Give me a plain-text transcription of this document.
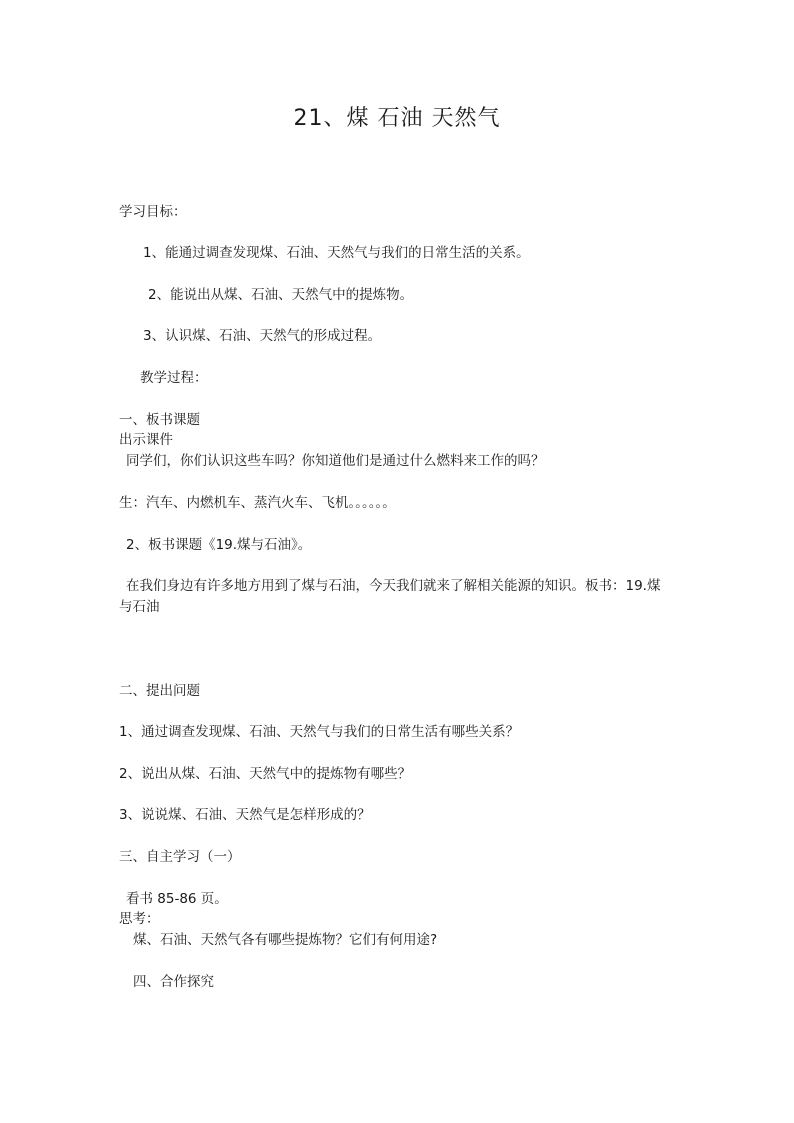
21、煤 石油 天然气
学习目标：
1、能通过调查发现煤、石油、天然气与我们的日常生活的关系。
2、能说出从煤、石油、天然气中的提炼物。
3、认识煤、石油、天然气的形成过程。
教学过程：
一、板书课题
出示课件
同学们，你们认识这些车吗？你知道他们是通过什么燃料来工作的吗？
生：汽车、内燃机车、蒸汽火车、飞机。。。。。。
2、板书课题《19.煤与石油》。
在我们身边有许多地方用到了煤与石油，今天我们就来了解相关能源的知识。板书：19.煤
与石油
二、提出问题
1、通过调查发现煤、石油、天然气与我们的日常生活有哪些关系？
2、说出从煤、石油、天然气中的提炼物有哪些？
3、说说煤、石油、天然气是怎样形成的？
三、自主学习（一）
看书 85-86 页。
思考：
煤、石油、天然气各有哪些提炼物？它们有何用途?
四、合作探究
